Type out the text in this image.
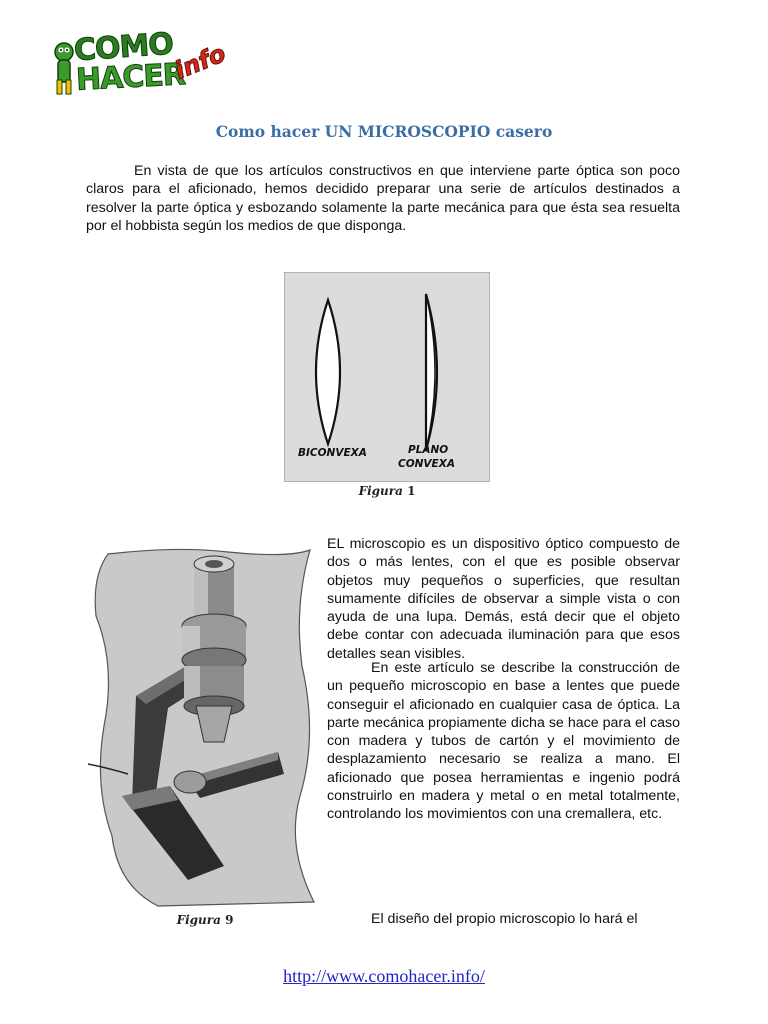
COMO
HACER
info
Como hacer UN MICROSCOPIO casero
En vista de que los artículos constructivos en que interviene parte óptica son poco claros para el aficionado, hemos decidido preparar una serie de artículos destinados a resolver la parte óptica y esbozando solamente la parte mecánica para que ésta sea resuelta por el hobbista según los medios de que disponga.
BICONVEXA	PLANO
CONVEXA
Figura 1
Figura 9
EL microscopio es un dispositivo óptico compuesto de dos o más lentes, con el que es posible observar objetos muy pequeños o superficies, que resultan sumamente difíciles de observar a simple vista o con ayuda de una lupa. Demás, está decir que el objeto debe contar con adecuada iluminación para que esos detalles sean visibles.
En este artículo se describe la construcción de un pequeño microscopio en base a lentes que puede conseguir el aficionado en cualquier casa de óptica. La parte mecánica propiamente dicha se hace para el caso con madera y tubos de cartón y el movimiento de desplazamiento necesario se realiza a mano. El aficionado que posea herramientas e ingenio podrá construirlo en madera y metal o en metal totalmente, controlando los movimientos con una cremallera, etc.
El diseño del propio microscopio lo hará el
http://www.comohacer.info/
